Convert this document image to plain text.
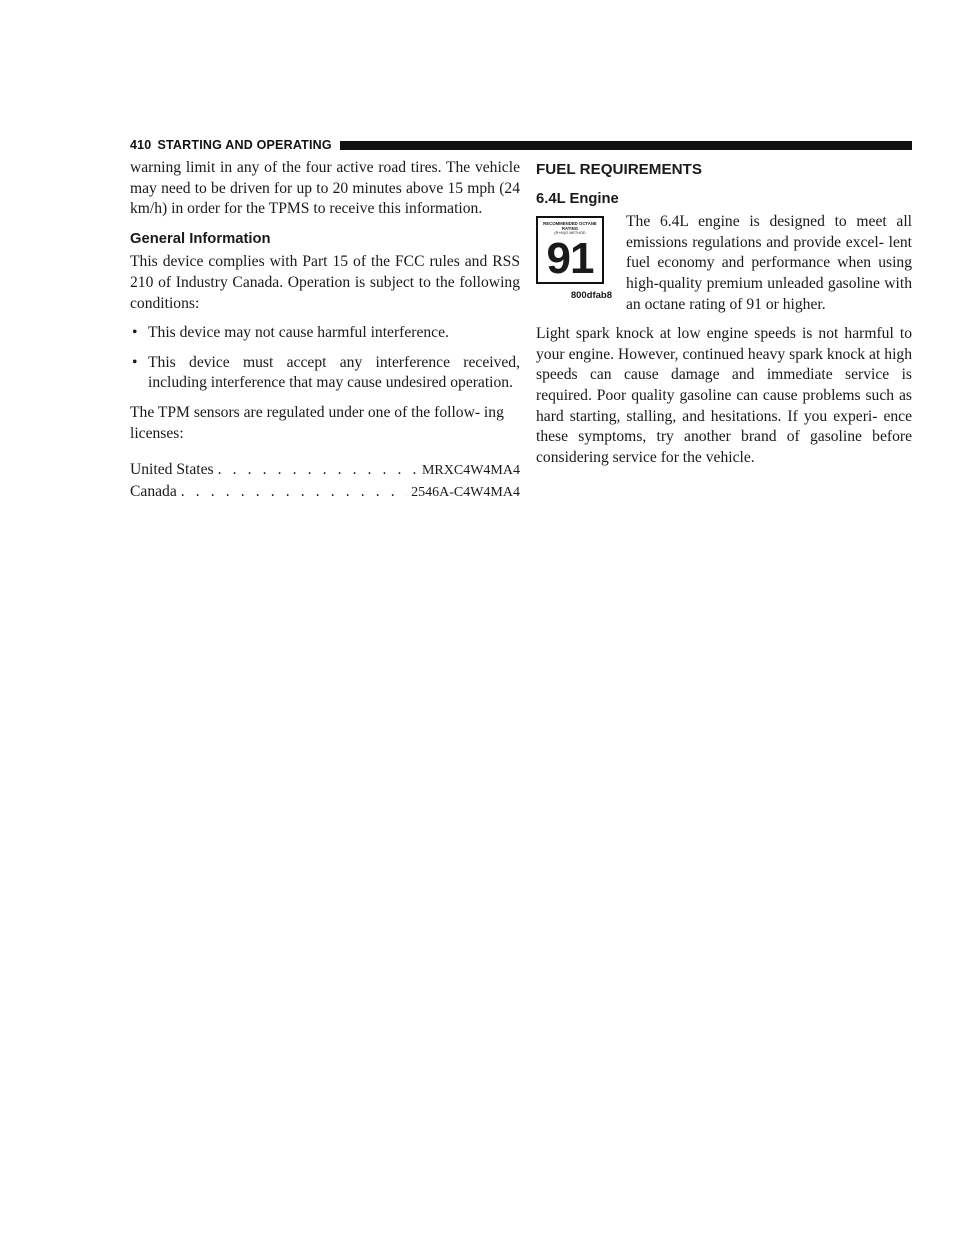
410 STARTING AND OPERATING

warning limit in any of the four active road tires. The vehicle may need to be driven for up to 20 minutes above 15 mph (24 km/h) in order for the TPMS to receive this information.

General Information

This device complies with Part 15 of the FCC rules and RSS 210 of Industry Canada. Operation is subject to the following conditions:

• This device may not cause harmful interference.
• This device must accept any interference received, including interference that may cause undesired operation.

The TPM sensors are regulated under one of the follow- ing licenses:

United States . . .	MRXC4W4MA4
Canada . . .	2546A-C4W4MA4
FUEL REQUIREMENTS
6.4L Engine
RECOMMENDED OCTANE RATING
(R+M)/2 METHOD
91
800dfab8

The 6.4L engine is designed to meet all emissions regulations and provide excel- lent fuel economy and performance when using high-quality premium unleaded gasoline with an octane rating of 91 or higher.

Light spark knock at low engine speeds is not harmful to your engine. However, continued heavy spark knock at high speeds can cause damage and immediate service is required. Poor quality gasoline can cause problems such as hard starting, stalling, and hesitations. If you experi- ence these symptoms, try another brand of gasoline before considering service for the vehicle.
